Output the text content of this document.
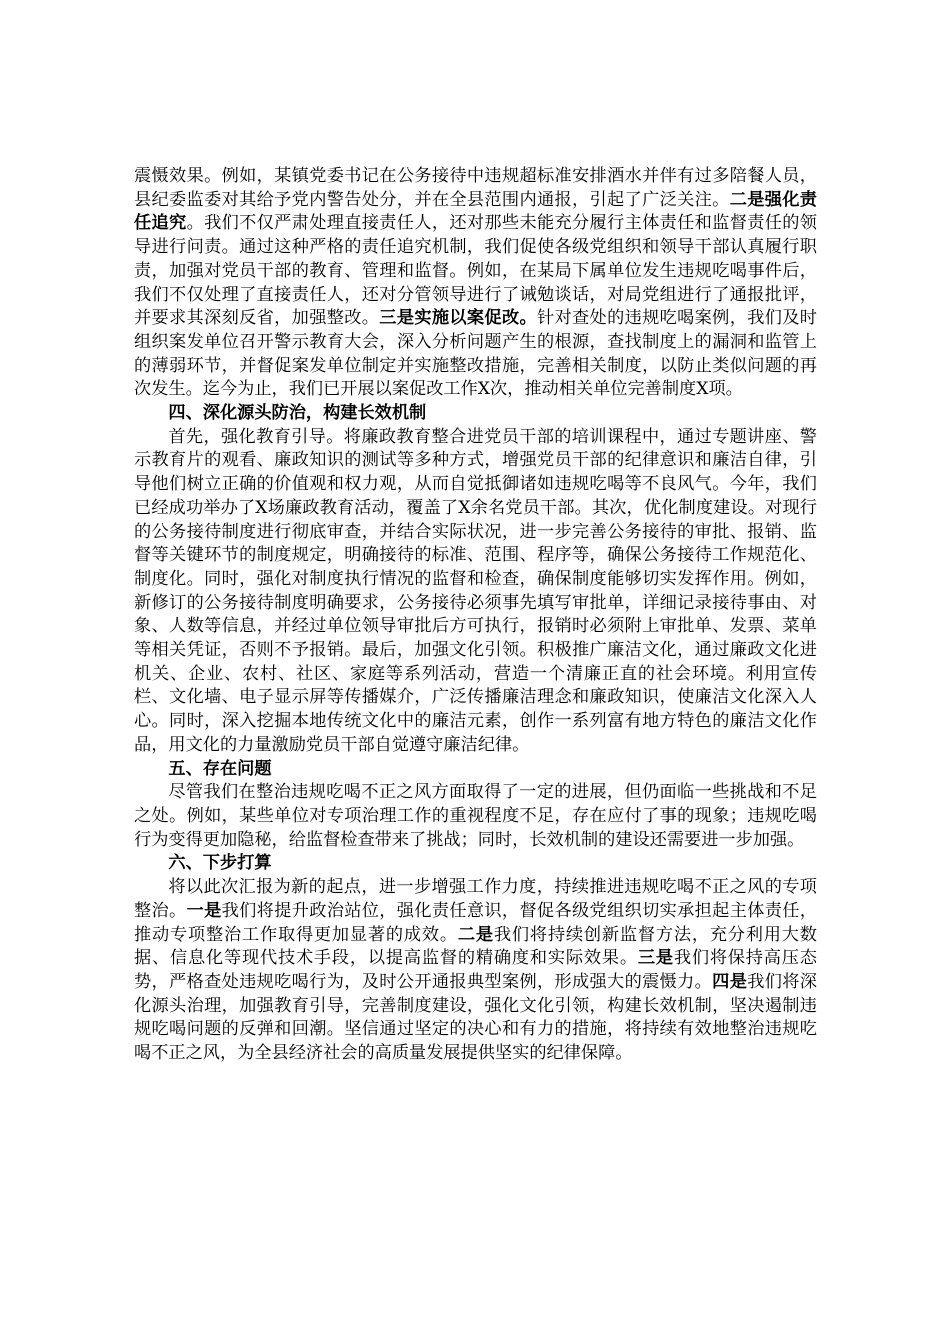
震慑效果。例如，某镇党委书记在公务接待中违规超标准安排酒水并伴有过多陪餐人员，县纪委监委对其给予党内警告处分，并在全县范围内通报，引起了广泛关注。二是强化责任追究。我们不仅严肃处理直接责任人，还对那些未能充分履行主体责任和监督责任的领导进行问责。通过这种严格的责任追究机制，我们促使各级党组织和领导干部认真履行职责，加强对党员干部的教育、管理和监督。例如，在某局下属单位发生违规吃喝事件后，我们不仅处理了直接责任人，还对分管领导进行了诫勉谈话，对局党组进行了通报批评，并要求其深刻反省，加强整改。三是实施以案促改。针对查处的违规吃喝案例，我们及时组织案发单位召开警示教育大会，深入分析问题产生的根源，查找制度上的漏洞和监管上的薄弱环节，并督促案发单位制定并实施整改措施，完善相关制度，以防止类似问题的再次发生。迄今为止，我们已开展以案促改工作X次，推动相关单位完善制度X项。

四、深化源头防治，构建长效机制

首先，强化教育引导。将廉政教育整合进党员干部的培训课程中，通过专题讲座、警示教育片的观看、廉政知识的测试等多种方式，增强党员干部的纪律意识和廉洁自律，引导他们树立正确的价值观和权力观，从而自觉抵御诸如违规吃喝等不良风气。今年，我们已经成功举办了X场廉政教育活动，覆盖了X余名党员干部。其次，优化制度建设。对现行的公务接待制度进行彻底审查，并结合实际状况，进一步完善公务接待的审批、报销、监督等关键环节的制度规定，明确接待的标准、范围、程序等，确保公务接待工作规范化、制度化。同时，强化对制度执行情况的监督和检查，确保制度能够切实发挥作用。例如，新修订的公务接待制度明确要求，公务接待必须事先填写审批单，详细记录接待事由、对象、人数等信息，并经过单位领导审批后方可执行，报销时必须附上审批单、发票、菜单等相关凭证，否则不予报销。最后，加强文化引领。积极推广廉洁文化，通过廉政文化进机关、企业、农村、社区、家庭等系列活动，营造一个清廉正直的社会环境。利用宣传栏、文化墙、电子显示屏等传播媒介，广泛传播廉洁理念和廉政知识，使廉洁文化深入人心。同时，深入挖掘本地传统文化中的廉洁元素，创作一系列富有地方特色的廉洁文化作品，用文化的力量激励党员干部自觉遵守廉洁纪律。

五、存在问题

尽管我们在整治违规吃喝不正之风方面取得了一定的进展，但仍面临一些挑战和不足之处。例如，某些单位对专项治理工作的重视程度不足，存在应付了事的现象；违规吃喝行为变得更加隐秘，给监督检查带来了挑战；同时，长效机制的建设还需要进一步加强。

六、下步打算

将以此次汇报为新的起点，进一步增强工作力度，持续推进违规吃喝不正之风的专项整治。一是我们将提升政治站位，强化责任意识，督促各级党组织切实承担起主体责任，推动专项整治工作取得更加显著的成效。二是我们将持续创新监督方法，充分利用大数据、信息化等现代技术手段，以提高监督的精确度和实际效果。三是我们将保持高压态势，严格查处违规吃喝行为，及时公开通报典型案例，形成强大的震慑力。四是我们将深化源头治理，加强教育引导，完善制度建设，强化文化引领，构建长效机制，坚决遏制违规吃喝问题的反弹和回潮。坚信通过坚定的决心和有力的措施，将持续有效地整治违规吃喝不正之风，为全县经济社会的高质量发展提供坚实的纪律保障。
